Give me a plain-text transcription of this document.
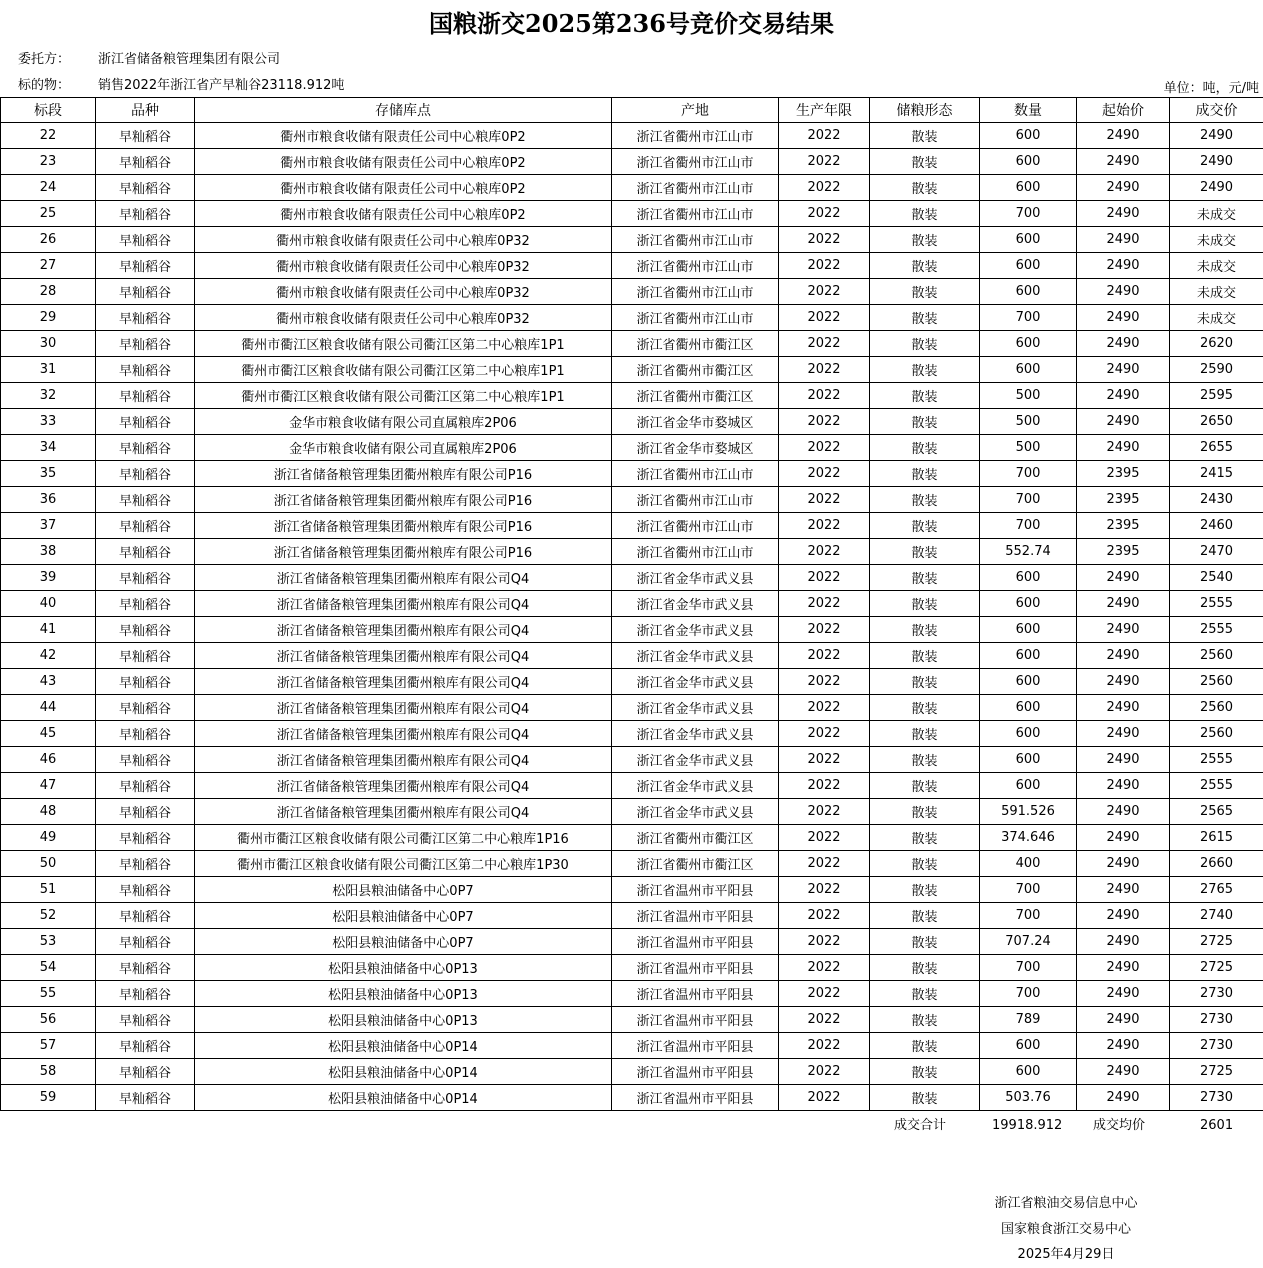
国粮浙交2025第236号竞价交易结果
委托方： 浙江省储备粮管理集团有限公司
标的物： 销售2022年浙江省产早籼谷23118.912吨	单位：吨，元/吨
标段	品种	存储库点	产地	生产年限	储粮形态	数量	起始价	成交价
22	早籼稻谷	衢州市粮食收储有限责任公司中心粮库0P2	浙江省衢州市江山市	2022	散装	600	2490	2490
23	早籼稻谷	衢州市粮食收储有限责任公司中心粮库0P2	浙江省衢州市江山市	2022	散装	600	2490	2490
24	早籼稻谷	衢州市粮食收储有限责任公司中心粮库0P2	浙江省衢州市江山市	2022	散装	600	2490	2490
25	早籼稻谷	衢州市粮食收储有限责任公司中心粮库0P2	浙江省衢州市江山市	2022	散装	700	2490	未成交
26	早籼稻谷	衢州市粮食收储有限责任公司中心粮库0P32	浙江省衢州市江山市	2022	散装	600	2490	未成交
27	早籼稻谷	衢州市粮食收储有限责任公司中心粮库0P32	浙江省衢州市江山市	2022	散装	600	2490	未成交
28	早籼稻谷	衢州市粮食收储有限责任公司中心粮库0P32	浙江省衢州市江山市	2022	散装	600	2490	未成交
29	早籼稻谷	衢州市粮食收储有限责任公司中心粮库0P32	浙江省衢州市江山市	2022	散装	700	2490	未成交
30	早籼稻谷	衢州市衢江区粮食收储有限公司衢江区第二中心粮库1P1	浙江省衢州市衢江区	2022	散装	600	2490	2620
31	早籼稻谷	衢州市衢江区粮食收储有限公司衢江区第二中心粮库1P1	浙江省衢州市衢江区	2022	散装	600	2490	2590
32	早籼稻谷	衢州市衢江区粮食收储有限公司衢江区第二中心粮库1P1	浙江省衢州市衢江区	2022	散装	500	2490	2595
33	早籼稻谷	金华市粮食收储有限公司直属粮库2P06	浙江省金华市婺城区	2022	散装	500	2490	2650
34	早籼稻谷	金华市粮食收储有限公司直属粮库2P06	浙江省金华市婺城区	2022	散装	500	2490	2655
35	早籼稻谷	浙江省储备粮管理集团衢州粮库有限公司P16	浙江省衢州市江山市	2022	散装	700	2395	2415
36	早籼稻谷	浙江省储备粮管理集团衢州粮库有限公司P16	浙江省衢州市江山市	2022	散装	700	2395	2430
37	早籼稻谷	浙江省储备粮管理集团衢州粮库有限公司P16	浙江省衢州市江山市	2022	散装	700	2395	2460
38	早籼稻谷	浙江省储备粮管理集团衢州粮库有限公司P16	浙江省衢州市江山市	2022	散装	552.74	2395	2470
39	早籼稻谷	浙江省储备粮管理集团衢州粮库有限公司Q4	浙江省金华市武义县	2022	散装	600	2490	2540
40	早籼稻谷	浙江省储备粮管理集团衢州粮库有限公司Q4	浙江省金华市武义县	2022	散装	600	2490	2555
41	早籼稻谷	浙江省储备粮管理集团衢州粮库有限公司Q4	浙江省金华市武义县	2022	散装	600	2490	2555
42	早籼稻谷	浙江省储备粮管理集团衢州粮库有限公司Q4	浙江省金华市武义县	2022	散装	600	2490	2560
43	早籼稻谷	浙江省储备粮管理集团衢州粮库有限公司Q4	浙江省金华市武义县	2022	散装	600	2490	2560
44	早籼稻谷	浙江省储备粮管理集团衢州粮库有限公司Q4	浙江省金华市武义县	2022	散装	600	2490	2560
45	早籼稻谷	浙江省储备粮管理集团衢州粮库有限公司Q4	浙江省金华市武义县	2022	散装	600	2490	2560
46	早籼稻谷	浙江省储备粮管理集团衢州粮库有限公司Q4	浙江省金华市武义县	2022	散装	600	2490	2555
47	早籼稻谷	浙江省储备粮管理集团衢州粮库有限公司Q4	浙江省金华市武义县	2022	散装	600	2490	2555
48	早籼稻谷	浙江省储备粮管理集团衢州粮库有限公司Q4	浙江省金华市武义县	2022	散装	591.526	2490	2565
49	早籼稻谷	衢州市衢江区粮食收储有限公司衢江区第二中心粮库1P16	浙江省衢州市衢江区	2022	散装	374.646	2490	2615
50	早籼稻谷	衢州市衢江区粮食收储有限公司衢江区第二中心粮库1P30	浙江省衢州市衢江区	2022	散装	400	2490	2660
51	早籼稻谷	松阳县粮油储备中心0P7	浙江省温州市平阳县	2022	散装	700	2490	2765
52	早籼稻谷	松阳县粮油储备中心0P7	浙江省温州市平阳县	2022	散装	700	2490	2740
53	早籼稻谷	松阳县粮油储备中心0P7	浙江省温州市平阳县	2022	散装	707.24	2490	2725
54	早籼稻谷	松阳县粮油储备中心0P13	浙江省温州市平阳县	2022	散装	700	2490	2725
55	早籼稻谷	松阳县粮油储备中心0P13	浙江省温州市平阳县	2022	散装	700	2490	2730
56	早籼稻谷	松阳县粮油储备中心0P13	浙江省温州市平阳县	2022	散装	789	2490	2730
57	早籼稻谷	松阳县粮油储备中心0P14	浙江省温州市平阳县	2022	散装	600	2490	2730
58	早籼稻谷	松阳县粮油储备中心0P14	浙江省温州市平阳县	2022	散装	600	2490	2725
59	早籼稻谷	松阳县粮油储备中心0P14	浙江省温州市平阳县	2022	散装	503.76	2490	2730
成交合计	19918.912 成交均价	2601
浙江省粮油交易信息中心
国家粮食浙江交易中心
2025年4月29日
